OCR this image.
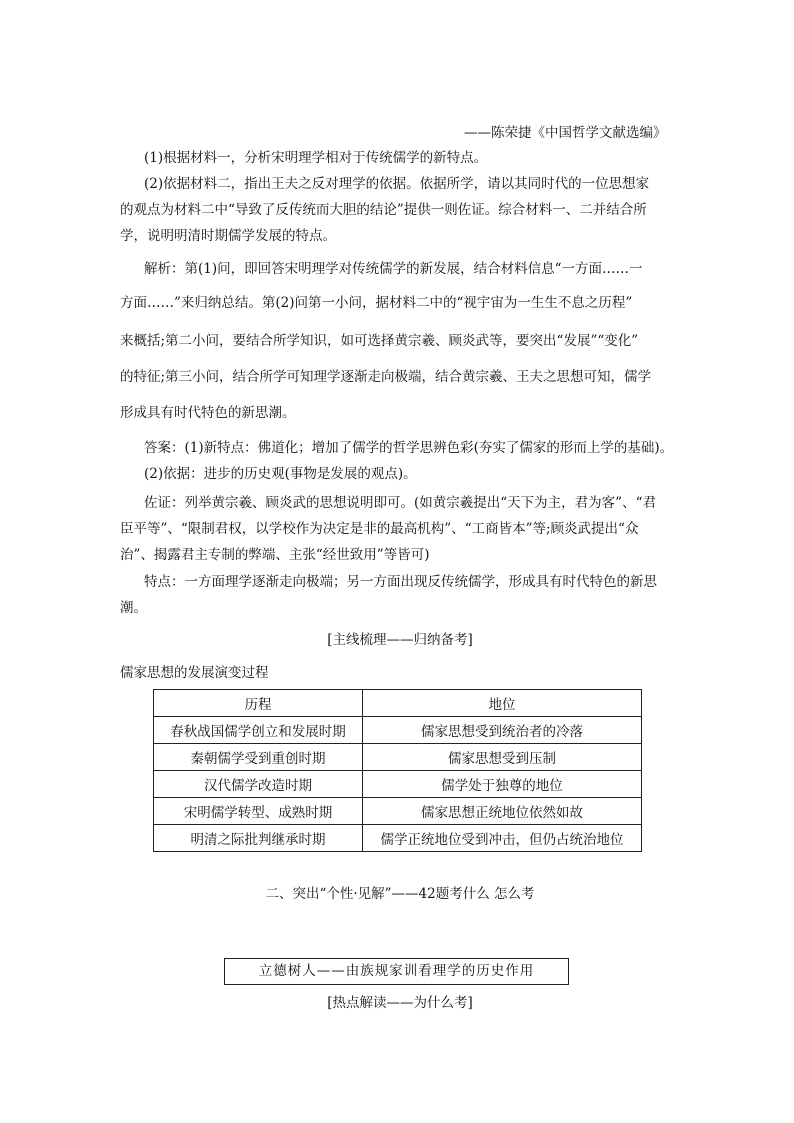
——陈荣捷《中国哲学文献选编》
(1)根据材料一，分析宋明理学相对于传统儒学的新特点。
(2)依据材料二，指出王夫之反对理学的依据。依据所学，请以其同时代的一位思想家
的观点为材料二中“导致了反传统而大胆的结论”提供一则佐证。综合材料一、二并结合所
学，说明明清时期儒学发展的特点。
解析：第(1)问，即回答宋明理学对传统儒学的新发展，结合材料信息“一方面……一
方面……”来归纳总结。第(2)问第一小问，据材料二中的“视宇宙为一生生不息之历程”
来概括;第二小问，要结合所学知识，如可选择黄宗羲、顾炎武等，要突出“发展”“变化”
的特征;第三小问，结合所学可知理学逐渐走向极端，结合黄宗羲、王夫之思想可知，儒学
形成具有时代特色的新思潮。
答案：(1)新特点：佛道化；增加了儒学的哲学思辨色彩(夯实了儒家的形而上学的基础)。
(2)依据：进步的历史观(事物是发展的观点)。
佐证：列举黄宗羲、顾炎武的思想说明即可。(如黄宗羲提出“天下为主，君为客”、“君
臣平等”、“限制君权，以学校作为决定是非的最高机构”、“工商皆本”等;顾炎武提出“众
治”、揭露君主专制的弊端、主张“经世致用”等皆可)
特点：一方面理学逐渐走向极端；另一方面出现反传统儒学，形成具有时代特色的新思
潮。
[主线梳理——归纳备考]
儒家思想的发展演变过程
历程	地位
春秋战国儒学创立和发展时期	儒家思想受到统治者的冷落
秦朝儒学受到重创时期	儒家思想受到压制
汉代儒学改造时期	儒学处于独尊的地位
宋明儒学转型、成熟时期	儒家思想正统地位依然如故
明清之际批判继承时期	儒学正统地位受到冲击，但仍占统治地位
二、突出“个性·见解”——42题考什么 怎么考
立德树人——由族规家训看理学的历史作用
[热点解读——为什么考]
